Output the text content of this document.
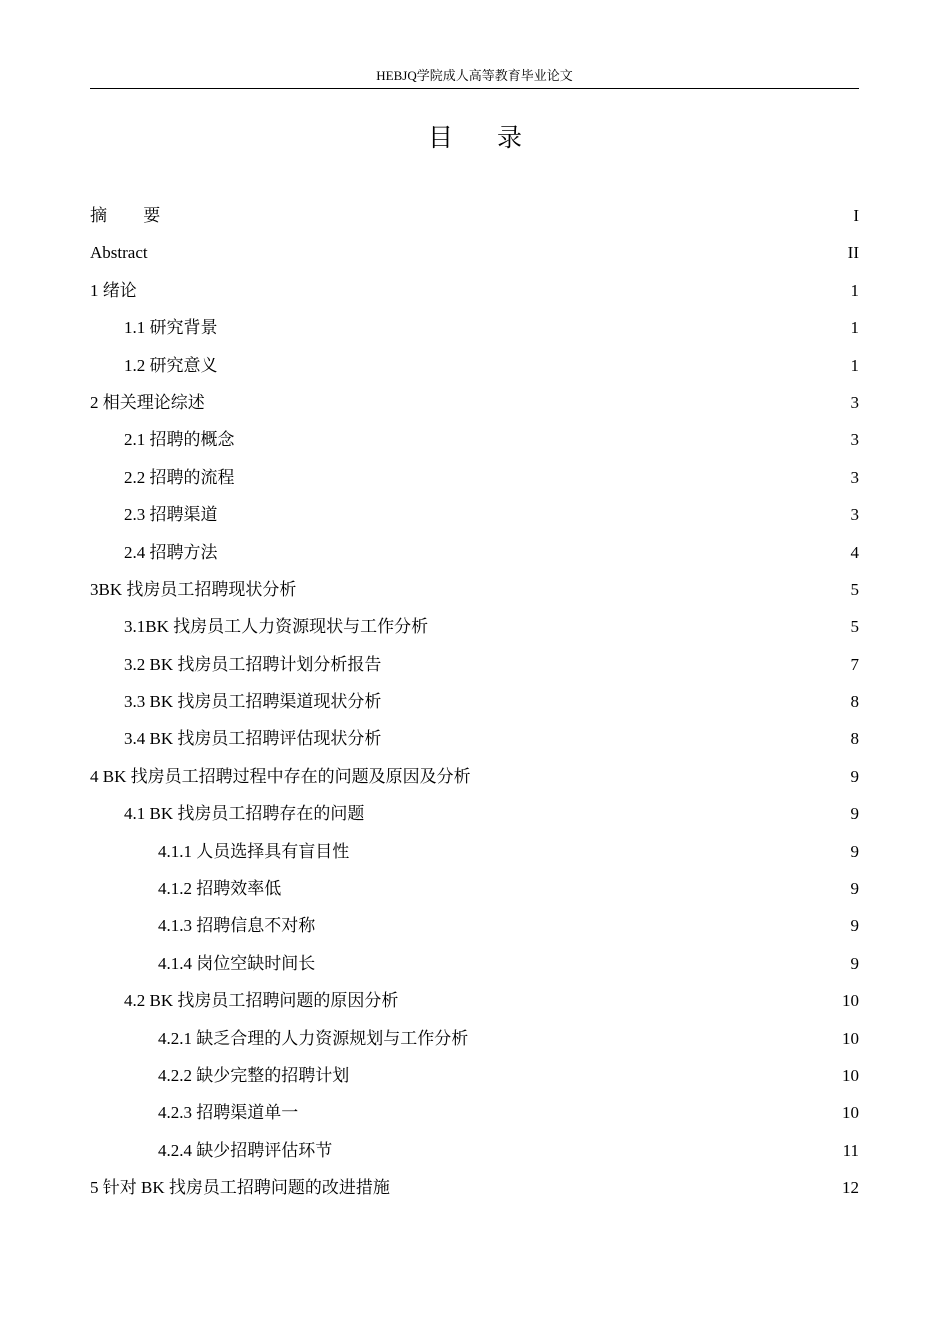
HEBJQ学院成人高等教育毕业论文
目 录
摘 要	I
Abstract	II
1 绪论	1
1.1 研究背景	1
1.2 研究意义	1
2 相关理论综述	3
2.1 招聘的概念	3
2.2 招聘的流程	3
2.3 招聘渠道	3
2.4 招聘方法	4
3BK 找房员工招聘现状分析	5
3.1BK 找房员工人力资源现状与工作分析	5
3.2 BK 找房员工招聘计划分析报告	7
3.3 BK 找房员工招聘渠道现状分析	8
3.4 BK 找房员工招聘评估现状分析	8
4 BK 找房员工招聘过程中存在的问题及原因及分析	9
4.1 BK 找房员工招聘存在的问题	9
4.1.1 人员选择具有盲目性	9
4.1.2 招聘效率低	9
4.1.3 招聘信息不对称	9
4.1.4 岗位空缺时间长	9
4.2 BK 找房员工招聘问题的原因分析	10
4.2.1 缺乏合理的人力资源规划与工作分析	10
4.2.2 缺少完整的招聘计划	10
4.2.3 招聘渠道单一	10
4.2.4 缺少招聘评估环节	11
5 针对 BK 找房员工招聘问题的改进措施	12
